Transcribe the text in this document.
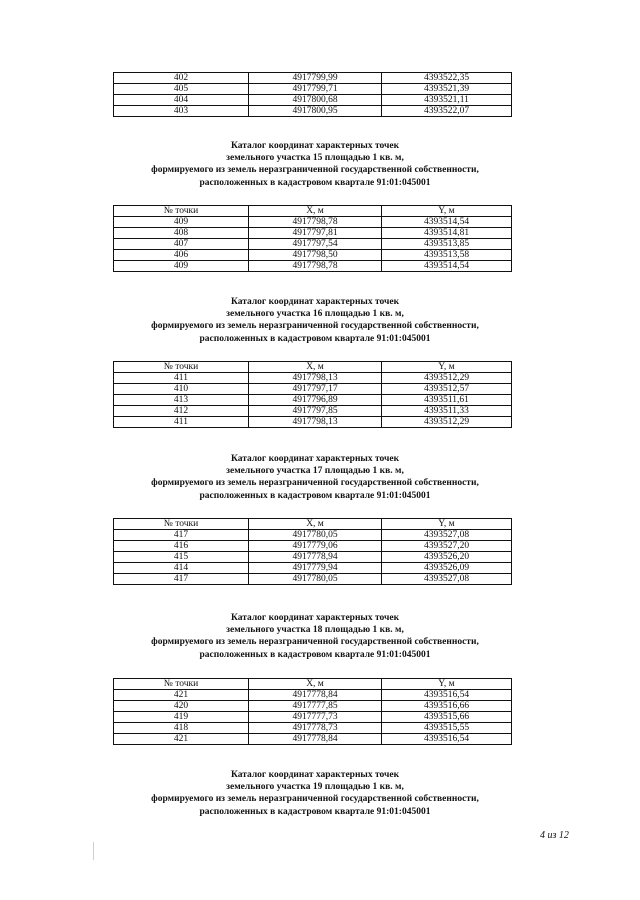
402	4917799,99	4393522,35
405	4917799,71	4393521,39
404	4917800,68	4393521,11
403	4917800,95	4393522,07
Каталог координат характерных точек
земельного участка 15 площадью 1 кв. м,
формируемого из земель неразграниченной государственной собственности,
расположенных в кадастровом квартале 91:01:045001
№ точки	X, м	Y, м
409	4917798,78	4393514,54
408	4917797,81	4393514,81
407	4917797,54	4393513,85
406	4917798,50	4393513,58
409	4917798,78	4393514,54
Каталог координат характерных точек
земельного участка 16 площадью 1 кв. м,
формируемого из земель неразграниченной государственной собственности,
расположенных в кадастровом квартале 91:01:045001
№ точки	X, м	Y, м
411	4917798,13	4393512,29
410	4917797,17	4393512,57
413	4917796,89	4393511,61
412	4917797,85	4393511,33
411	4917798,13	4393512,29
Каталог координат характерных точек
земельного участка 17 площадью 1 кв. м,
формируемого из земель неразграниченной государственной собственности,
расположенных в кадастровом квартале 91:01:045001
№ точки	X, м	Y, м
417	4917780,05	4393527,08
416	4917779,06	4393527,20
415	4917778,94	4393526,20
414	4917779,94	4393526,09
417	4917780,05	4393527,08
Каталог координат характерных точек
земельного участка 18 площадью 1 кв. м,
формируемого из земель неразграниченной государственной собственности,
расположенных в кадастровом квартале 91:01:045001
№ точки	X, м	Y, м
421	4917778,84	4393516,54
420	4917777,85	4393516,66
419	4917777,73	4393515,66
418	4917778,73	4393515,55
421	4917778,84	4393516,54
Каталог координат характерных точек
земельного участка 19 площадью 1 кв. м,
формируемого из земель неразграниченной государственной собственности,
расположенных в кадастровом квартале 91:01:045001
4 из 12
